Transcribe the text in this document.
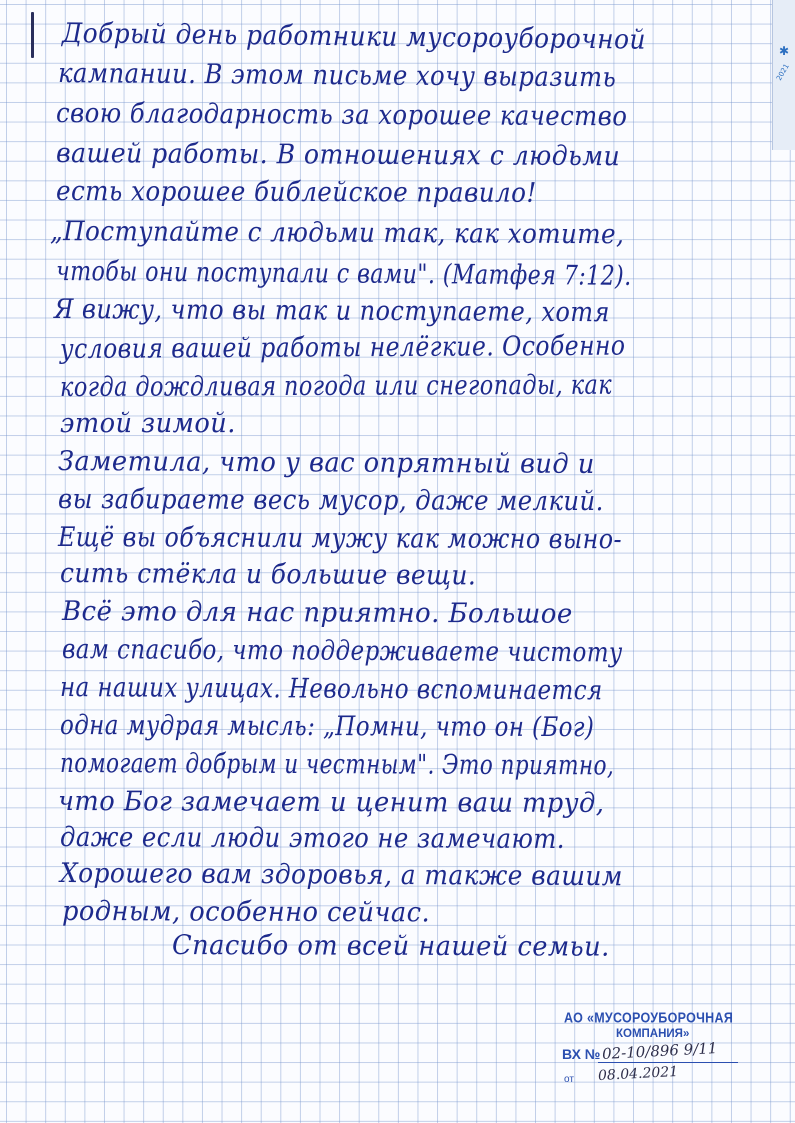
✱
2021
Добрый день работники мусороуборочной
кампании. В этом письме хочу выразить
свою благодарность за хорошее качество
вашей работы. В отношениях с людьми
есть хорошее библейское правило!
„Поступайте с людьми так, как хотите,
чтобы они поступали с вами". (Матфея 7:12).
Я вижу, что вы так и поступаете, хотя
условия вашей работы нелёгкие. Особенно
когда дождливая погода или снегопады, как
этой зимой.
Заметила, что у вас опрятный вид и
вы забираете весь мусор, даже мелкий.
Ещё вы объяснили мужу как можно выно-
сить стёкла и большие вещи.
Всё это для нас приятно. Большое
вам спасибо, что поддерживаете чистоту
на наших улицах. Невольно вспоминается
одна мудрая мысль: „Помни, что он (Бог)
помогает добрым и честным". Это приятно,
что Бог замечает и ценит ваш труд,
даже если люди этого не замечают.
Хорошего вам здоровья, а также вашим
родным, особенно сейчас.
Спасибо от всей нашей семьи.
АО «МУСОРОУБОРОЧНАЯ
КОМПАНИЯ»
ВХ № 02-10/896 9/11
от 08.04.2021
